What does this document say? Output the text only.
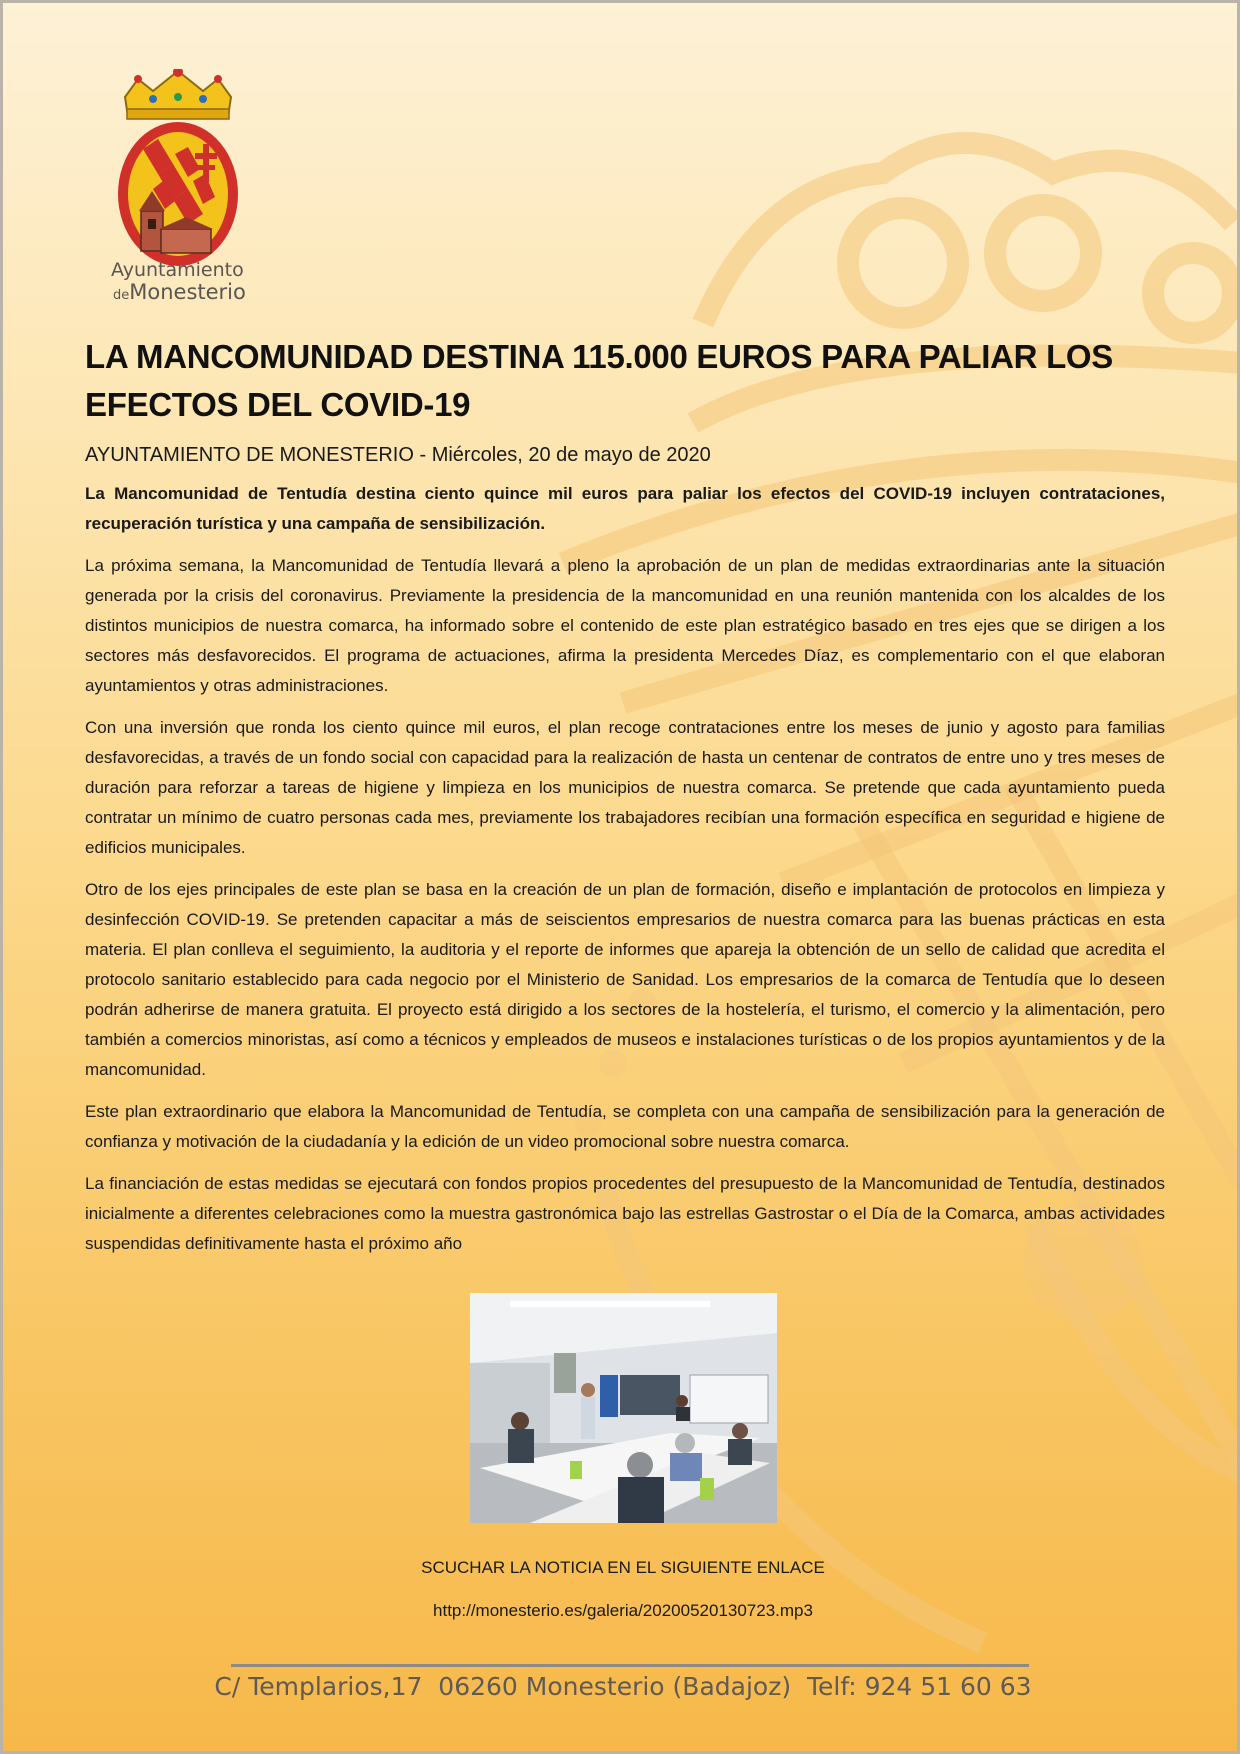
Ayuntamiento
deMonesterio
LA MANCOMUNIDAD DESTINA 115.000 EUROS PARA PALIAR LOS
EFECTOS DEL COVID-19

AYUNTAMIENTO DE MONESTERIO - Miércoles, 20 de mayo de 2020

La Mancomunidad de Tentudía destina ciento quince mil euros para paliar los efectos del COVID-19 incluyen contrataciones, recuperación turística y una campaña de sensibilización.

La próxima semana, la Mancomunidad de Tentudía llevará a pleno la aprobación de un plan de medidas extraordinarias ante la situación generada por la crisis del coronavirus. Previamente la presidencia de la mancomunidad en una reunión mantenida con los alcaldes de los distintos municipios de nuestra comarca, ha informado sobre el contenido de este plan estratégico basado en tres ejes que se dirigen a los sectores más desfavorecidos. El programa de actuaciones, afirma la presidenta Mercedes Díaz, es complementario con el que elaboran ayuntamientos y otras administraciones.

Con una inversión que ronda los ciento quince mil euros, el plan recoge contrataciones entre los meses de junio y agosto para familias desfavorecidas, a través de un fondo social con capacidad para la realización de hasta un centenar de contratos de entre uno y tres meses de duración para reforzar a tareas de higiene y limpieza en los municipios de nuestra comarca. Se pretende que cada ayuntamiento pueda contratar un mínimo de cuatro personas cada mes, previamente los trabajadores recibían una formación específica en seguridad e higiene de edificios municipales.

Otro de los ejes principales de este plan se basa en la creación de un plan de formación, diseño e implantación de protocolos en limpieza y desinfección COVID-19. Se pretenden capacitar a más de seiscientos empresarios de nuestra comarca para las buenas prácticas en esta materia. El plan conlleva el seguimiento, la auditoria y el reporte de informes que apareja la obtención de un sello de calidad que acredita el protocolo sanitario establecido para cada negocio por el Ministerio de Sanidad. Los empresarios de la comarca de Tentudía que lo deseen podrán adherirse de manera gratuita. El proyecto está dirigido a los sectores de la hostelería, el turismo, el comercio y la alimentación, pero también a comercios minoristas, así como a técnicos y empleados de museos e instalaciones turísticas o de los propios ayuntamientos y de la mancomunidad.

Este plan extraordinario que elabora la Mancomunidad de Tentudía, se completa con una campaña de sensibilización para la generación de confianza y motivación de la ciudadanía y la edición de un video promocional sobre nuestra comarca.

La financiación de estas medidas se ejecutará con fondos propios procedentes del presupuesto de la Mancomunidad de Tentudía, destinados inicialmente a diferentes celebraciones como la muestra gastronómica bajo las estrellas Gastrostar o el Día de la Comarca, ambas actividades suspendidas definitivamente hasta el próximo año

SCUCHAR LA NOTICIA EN EL SIGUIENTE ENLACE
http://monesterio.es/galeria/20200520130723.mp3
C/ Templarios,17  06260 Monesterio (Badajoz)  Telf: 924 51 60 63
